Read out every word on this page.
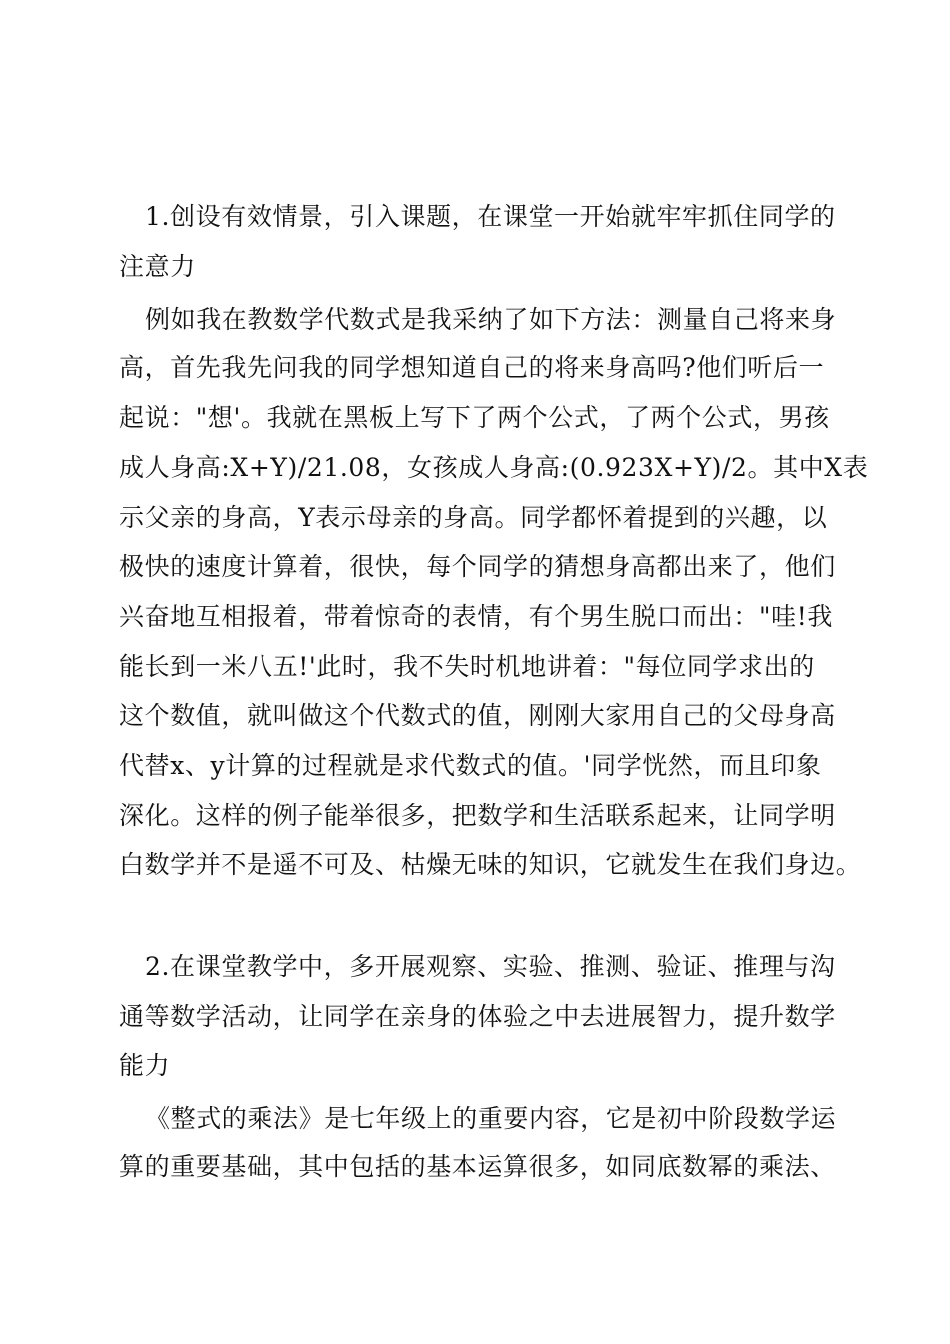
1.创设有效情景，引入课题，在课堂一开始就牢牢抓住同学的
注意力
例如我在教数学代数式是我采纳了如下方法：测量自己将来身
高，首先我先问我的同学想知道自己的将来身高吗?他们听后一
起说："想'。我就在黑板上写下了两个公式，了两个公式，男孩
成人身高:X+Y)/21.08，女孩成人身高:(0.923X+Y)/2。其中X表
示父亲的身高，Y表示母亲的身高。同学都怀着提到的兴趣，以
极快的速度计算着，很快，每个同学的猜想身高都出来了，他们
兴奋地互相报着，带着惊奇的表情，有个男生脱口而出："哇!我
能长到一米八五!'此时，我不失时机地讲着："每位同学求出的
这个数值，就叫做这个代数式的值，刚刚大家用自己的父母身高
代替x、y计算的过程就是求代数式的值。'同学恍然，而且印象
深化。这样的例子能举很多，把数学和生活联系起来，让同学明
白数学并不是遥不可及、枯燥无味的知识，它就发生在我们身边。
2.在课堂教学中，多开展观察、实验、推测、验证、推理与沟
通等数学活动，让同学在亲身的体验之中去进展智力，提升数学
能力
《整式的乘法》是七年级上的重要内容，它是初中阶段数学运
算的重要基础，其中包括的基本运算很多，如同底数幂的乘法、
